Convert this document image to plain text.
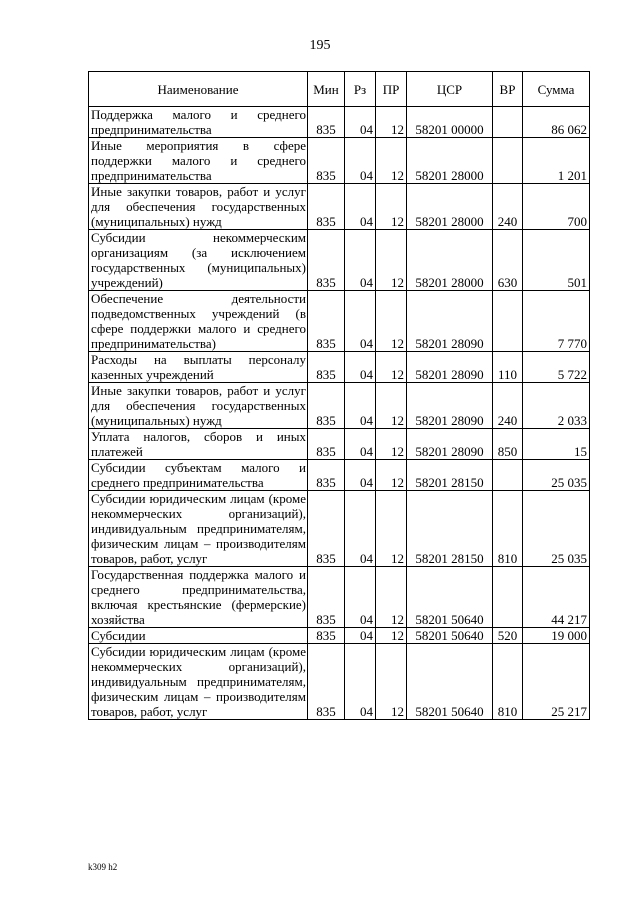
195
Наименование	Мин	Рз	ПР	ЦСР	ВР	Сумма
Поддержка малого и среднего предпринимательства	835	04	12	58201 00000		86 062
Иные мероприятия в сфере поддержки малого и среднего предпринимательства	835	04	12	58201 28000		1 201
Иные закупки товаров, работ и услуг для обеспечения государственных (муниципальных) нужд	835	04	12	58201 28000	240	700
Субсидии некоммерческим организациям (за исключением государственных (муниципальных) учреждений)	835	04	12	58201 28000	630	501
Обеспечение деятельности подведомственных учреждений (в сфере поддержки малого и среднего предпринимательства)	835	04	12	58201 28090		7 770
Расходы на выплаты персоналу казенных учреждений	835	04	12	58201 28090	110	5 722
Иные закупки товаров, работ и услуг для обеспечения государственных (муниципальных) нужд	835	04	12	58201 28090	240	2 033
Уплата налогов, сборов и иных платежей	835	04	12	58201 28090	850	15
Субсидии субъектам малого и среднего предпринимательства	835	04	12	58201 28150		25 035
Субсидии юридическим лицам (кроме некоммерческих организаций), индивидуальным предпринимателям, физическим лицам – производителям товаров, работ, услуг	835	04	12	58201 28150	810	25 035
Государственная поддержка малого и среднего предпринимательства, включая крестьянские (фермерские) хозяйства	835	04	12	58201 50640		44 217
Субсидии	835	04	12	58201 50640	520	19 000
Субсидии юридическим лицам (кроме некоммерческих организаций), индивидуальным предпринимателям, физическим лицам – производителям товаров, работ, услуг	835	04	12	58201 50640	810	25 217
k309 h2
